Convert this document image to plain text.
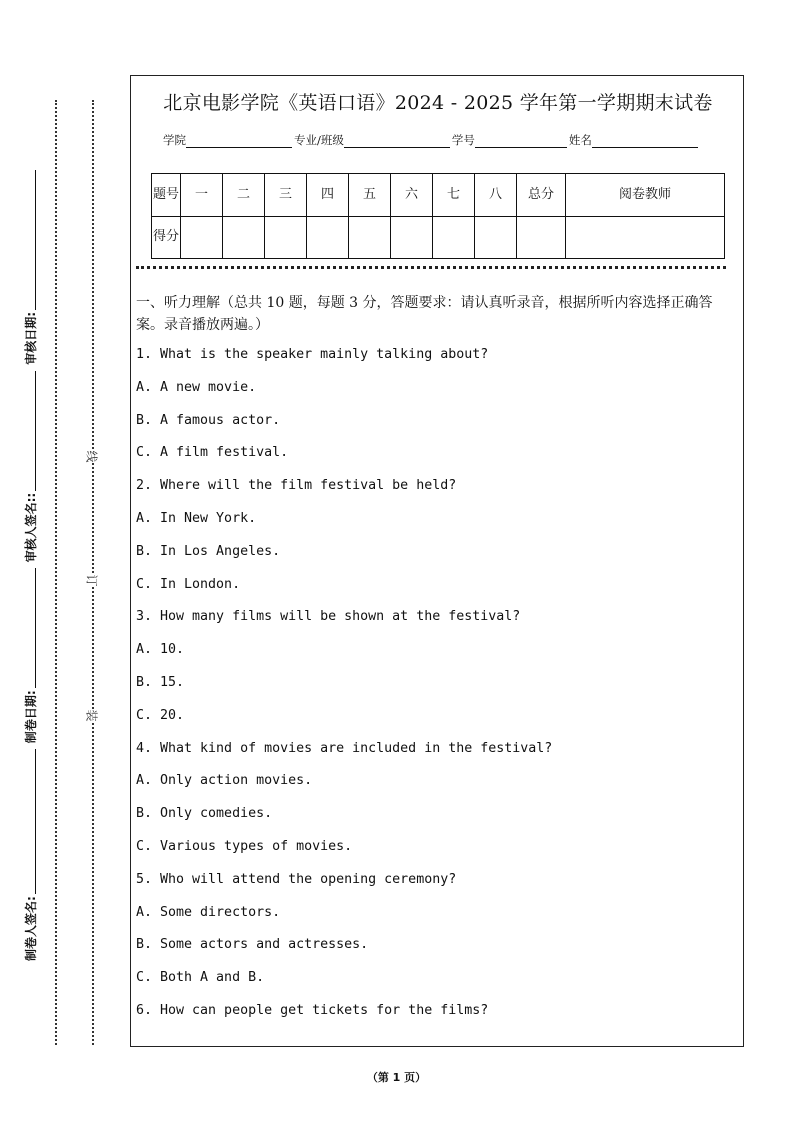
装
订
线
制卷人签名:
制卷日期:
审核人签名::
审核日期:
北京电影学院《英语口语》2024 - 2025 学年第一学期期末试卷
学院	专业/班级	学号	姓名
题号	一	二	三	四	五	六	七	八	总分	阅卷教师
得分										
一、听力理解（总共 10 题，每题 3 分，答题要求：请认真听录音，根据所听内容选择正确答案。录音播放两遍。）
1. What is the speaker mainly talking about?
A. A new movie.
B. A famous actor.
C. A film festival.
2. Where will the film festival be held?
A. In New York.
B. In Los Angeles.
C. In London.
3. How many films will be shown at the festival?
A. 10.
B. 15.
C. 20.
4. What kind of movies are included in the festival?
A. Only action movies.
B. Only comedies.
C. Various types of movies.
5. Who will attend the opening ceremony?
A. Some directors.
B. Some actors and actresses.
C. Both A and B.
6. How can people get tickets for the films?
（第 1 页）
